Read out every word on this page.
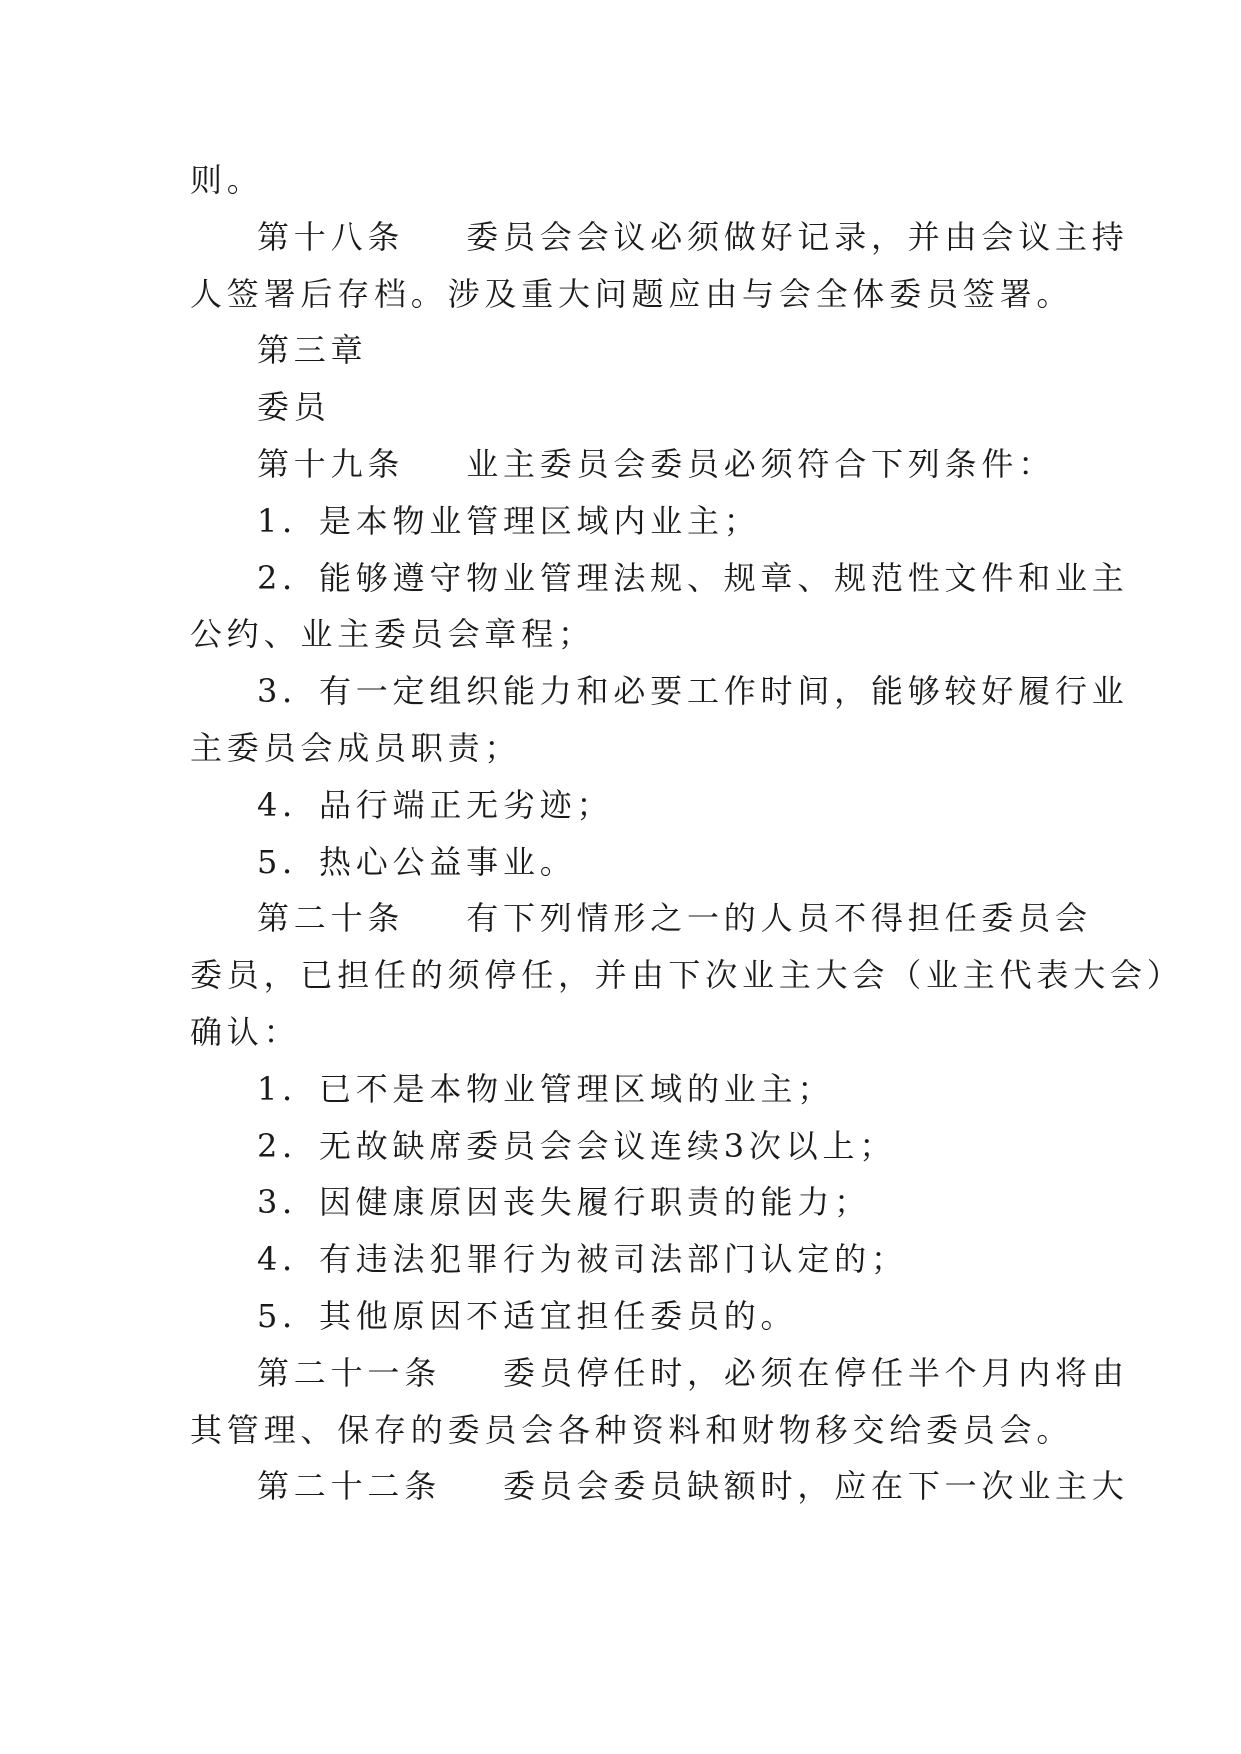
则。
第十八条 委员会会议必须做好记录，并由会议主持
人签署后存档。涉及重大问题应由与会全体委员签署。
第三章
委员
第十九条 业主委员会委员必须符合下列条件：
1．是本物业管理区域内业主；
2．能够遵守物业管理法规、规章、规范性文件和业主
公约、业主委员会章程；
3．有一定组织能力和必要工作时间，能够较好履行业
主委员会成员职责；
4．品行端正无劣迹；
5．热心公益事业。
第二十条 有下列情形之一的人员不得担任委员会
委员，已担任的须停任，并由下次业主大会（业主代表大会）
确认：
1．已不是本物业管理区域的业主；
2．无故缺席委员会会议连续3次以上；
3．因健康原因丧失履行职责的能力；
4．有违法犯罪行为被司法部门认定的；
5．其他原因不适宜担任委员的。
第二十一条 委员停任时，必须在停任半个月内将由
其管理、保存的委员会各种资料和财物移交给委员会。
第二十二条 委员会委员缺额时，应在下一次业主大
